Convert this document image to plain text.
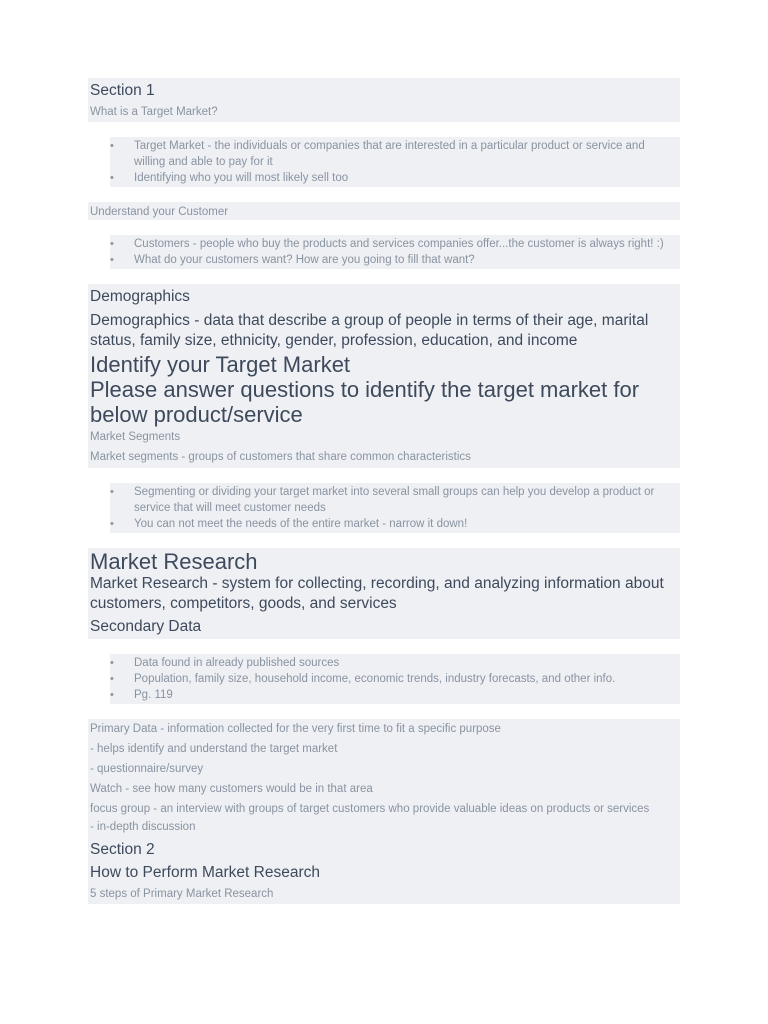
Section 1
What is a Target Market?
• Target Market - the individuals or companies that are interested in a particular product or service and willing and able to pay for it
• Identifying who you will most likely sell too
Understand your Customer
• Customers - people who buy the products and services companies offer...the customer is always right! :)
• What do your customers want? How are you going to fill that want?
Demographics
Demographics - data that describe a group of people in terms of their age, marital status, family size, ethnicity, gender, profession, education, and income
Identify your Target Market
Please answer questions to identify the target market for below product/service
Market Segments
Market segments - groups of customers that share common characteristics
• Segmenting or dividing your target market into several small groups can help you develop a product or service that will meet customer needs
• You can not meet the needs of the entire market - narrow it down!
Market Research
Market Research - system for collecting, recording, and analyzing information about customers, competitors, goods, and services
Secondary Data
• Data found in already published sources
• Population, family size, household income, economic trends, industry forecasts, and other info.
• Pg. 119
Primary Data - information collected for the very first time to fit a specific purpose
- helps identify and understand the target market
- questionnaire/survey
Watch - see how many customers would be in that area
focus group - an interview with groups of target customers who provide valuable ideas on products or services
- in-depth discussion
Section 2
How to Perform Market Research
5 steps of Primary Market Research
